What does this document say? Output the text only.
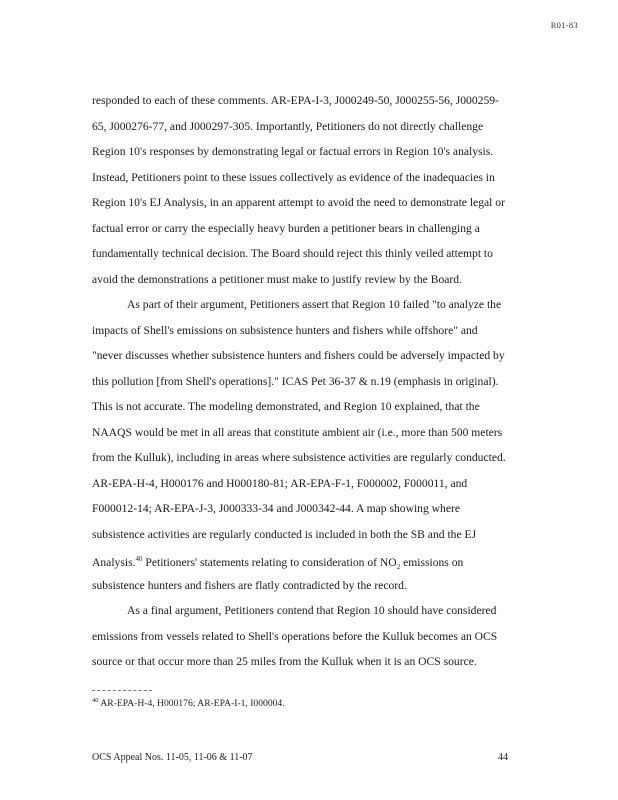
R01-83
responded to each of these comments. AR-EPA-I-3, J000249-50, J000255-56, J000259-
65, J000276-77, and J000297-305. Importantly, Petitioners do not directly challenge
Region 10's responses by demonstrating legal or factual errors in Region 10's analysis.
Instead, Petitioners point to these issues collectively as evidence of the inadequacies in
Region 10's EJ Analysis, in an apparent attempt to avoid the need to demonstrate legal or
factual error or carry the especially heavy burden a petitioner bears in challenging a
fundamentally technical decision. The Board should reject this thinly veiled attempt to
avoid the demonstrations a petitioner must make to justify review by the Board.
As part of their argument, Petitioners assert that Region 10 failed "to analyze the
impacts of Shell's emissions on subsistence hunters and fishers while offshore" and
"never discusses whether subsistence hunters and fishers could be adversely impacted by
this pollution [from Shell's operations]." ICAS Pet 36-37 & n.19 (emphasis in original).
This is not accurate. The modeling demonstrated, and Region 10 explained, that the
NAAQS would be met in all areas that constitute ambient air (i.e., more than 500 meters
from the Kulluk), including in areas where subsistence activities are regularly conducted.
AR-EPA-H-4, H000176 and H000180-81; AR-EPA-F-1, F000002, F000011, and
F000012-14; AR-EPA-J-3, J000333-34 and J000342-44. A map showing where
subsistence activities are regularly conducted is included in both the SB and the EJ
Analysis.$^{40}$ Petitioners' statements relating to consideration of $NO_2$ emissions on
subsistence hunters and fishers are flatly contradicted by the record.
As a final argument, Petitioners contend that Region 10 should have considered
emissions from vessels related to Shell's operations before the Kulluk becomes an OCS
source or that occur more than 25 miles from the Kulluk when it is an OCS source.
$^{40}$ AR-EPA-H-4, H000176; AR-EPA-I-1, I000004.
OCS Appeal Nos. 11-05, 11-06 & 11-07	44
